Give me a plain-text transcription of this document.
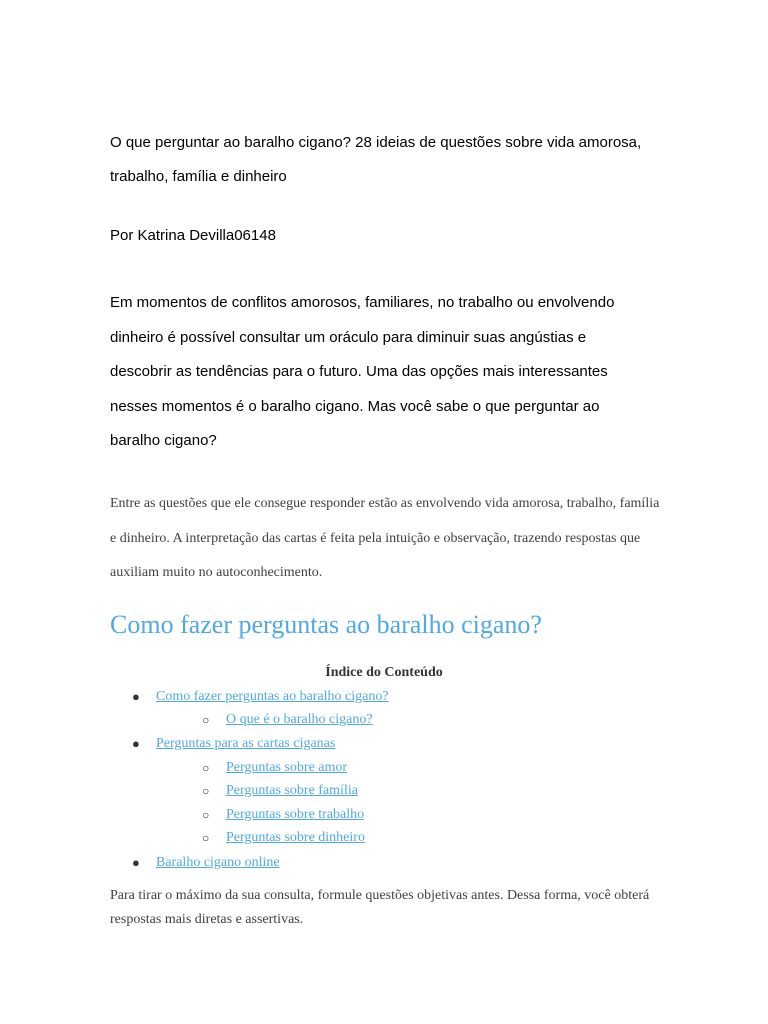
O que perguntar ao baralho cigano? 28 ideias de questões sobre vida amorosa, trabalho, família e dinheiro

Por Katrina Devilla06148

Em momentos de conflitos amorosos, familiares, no trabalho ou envolvendo dinheiro é possível consultar um oráculo para diminuir suas angústias e descobrir as tendências para o futuro. Uma das opções mais interessantes nesses momentos é o baralho cigano. Mas você sabe o que perguntar ao baralho cigano?

Entre as questões que ele consegue responder estão as envolvendo vida amorosa, trabalho, família e dinheiro. A interpretação das cartas é feita pela intuição e observação, trazendo respostas que auxiliam muito no autoconhecimento.

Como fazer perguntas ao baralho cigano?

Índice do Conteúdo

● Como fazer perguntas ao baralho cigano?

○ O que é o baralho cigano?

● Perguntas para as cartas ciganas

○ Perguntas sobre amor

○ Perguntas sobre família

○ Perguntas sobre trabalho

○ Perguntas sobre dinheiro

● Baralho cigano online

Para tirar o máximo da sua consulta, formule questões objetivas antes. Dessa forma, você obterá respostas mais diretas e assertivas.
